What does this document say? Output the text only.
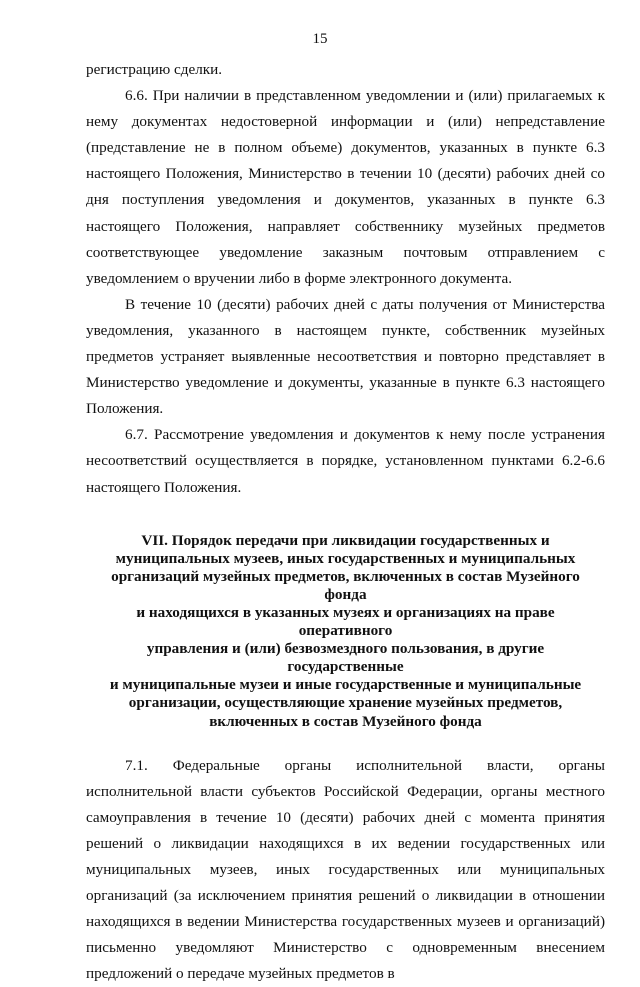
15

регистрацию сделки.

6.6. При наличии в представленном уведомлении и (или) прилагаемых к нему документах недостоверной информации и (или) непредставление (представление не в полном объеме) документов, указанных в пункте 6.3 настоящего Положения, Министерство в течении 10 (десяти) рабочих дней со дня поступления уведомления и документов, указанных в пункте 6.3 настоящего Положения, направляет собственнику музейных предметов соответствующее уведомление заказным почтовым отправлением с уведомлением о вручении либо в форме электронного документа.

В течение 10 (десяти) рабочих дней с даты получения от Министерства уведомления, указанного в настоящем пункте, собственник музейных предметов устраняет выявленные несоответствия и повторно представляет в Министерство уведомление и документы, указанные в пункте 6.3 настоящего Положения.

6.7. Рассмотрение уведомления и документов к нему после устранения несоответствий осуществляется в порядке, установленном пунктами 6.2-6.6 настоящего Положения.

VII. Порядок передачи при ликвидации государственных и
муниципальных музеев, иных государственных и муниципальных
организаций музейных предметов, включенных в состав Музейного фонда
и находящихся в указанных музеях и организациях на праве оперативного
управления и (или) безвозмездного пользования, в другие государственные
и муниципальные музеи и иные государственные и муниципальные
организации, осуществляющие хранение музейных предметов,
включенных в состав Музейного фонда

7.1. Федеральные органы исполнительной власти, органы исполнительной власти субъектов Российской Федерации, органы местного самоуправления в течение 10 (десяти) рабочих дней с момента принятия решений о ликвидации находящихся в их ведении государственных или муниципальных музеев, иных государственных или муниципальных организаций (за исключением принятия решений о ликвидации в отношении находящихся в ведении Министерства государственных музеев и организаций) письменно уведомляют Министерство с одновременным внесением предложений о передаче музейных предметов в
